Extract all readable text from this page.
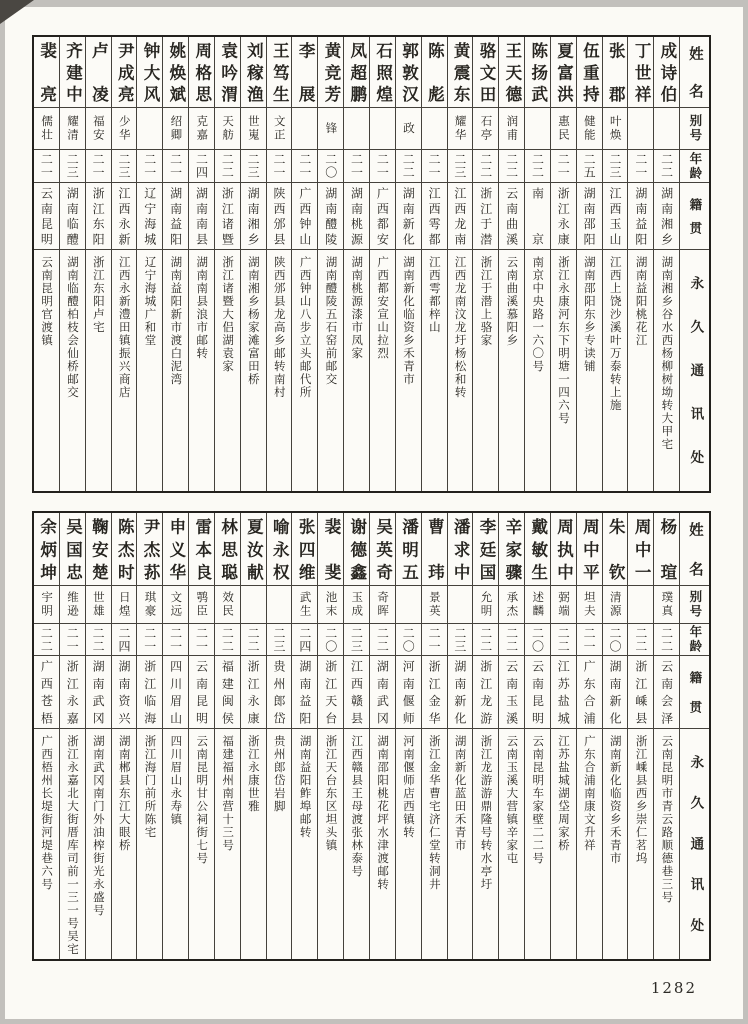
裴亮
儒壮
二一
云南昆明
云南昆明官渡镇
齐建中
耀清
二三
湖南临醴
湖南临醴柏枝会仙桥邮交
卢凌
福安
二一
浙江东阳
浙江东阳卢宅
尹成亮
少华
二三
江西永新
江西永新澧田镇振兴商店
钟大风
二一
辽宁海城
辽宁海城广和堂
姚焕斌
绍卿
二一
湖南益阳
湖南益阳新市渡白泥湾
周格思
克嘉
二四
湖南南县
湖南南县浪市邮转
袁吟渭
天舫
二二
浙江诸暨
浙江诸暨大侣湖袁家
刘稼渔
世嵬
二三
湖南湘乡
湖南湘乡杨家滩富田桥
王笃生
文正
二一
陕西邠县
陕西邠县龙高乡邮转南村
李展
二一
广西钟山
广西钟山八步立头邮代所
黄竞芳
锋
二〇
湖南醴陵
湖南醴陵五石窑前邮交
凤超鹏
二一
湖南桃源
湖南桃源漆市凤家
石照煌
二一
广西都安
广西都安宣山拉烈
郭敦汉
政
二二
湖南新化
湖南新化临资乡禾青市
陈彪
二一
江西雩都
江西雩都梓山
黄震东
耀华
二三
江西龙南
江西龙南汶龙圩杨松和转
骆文田
石亭
二二
浙江于潜
浙江于潜上骆家
王天德
润甫
二二
云南曲溪
云南曲溪慕阳乡
陈扬武
二二
南京
南京中央路一六〇号
夏富洪
惠民
二一
浙江永康
浙江永康河东下明塘一四六号
伍重持
健能
二五
湖南邵阳
湖南邵阳东乡专读铺
张郡
叶焕
二三
江西玉山
江西上饶沙溪叶万泰转上施
丁世祥
二一
湖南益阳
湖南益阳桃花江
成诗伯
二二
湖南湘乡
湖南湘乡谷水西杨柳树坳转大甲宅
姓名
别号
年龄
籍贯
永久通讯处
余炳坤
宇明
二二
广西苍梧
广西梧州长堤街河堤巷六号
吴国忠
维逊
二一
浙江永嘉
浙江永嘉北大街厝库司前一三一号吴宅
鞠安楚
世雄
二二
湖南武冈
湖南武冈南门外油榨街光永盛号
陈杰时
日煌
二四
湖南资兴
湖南郴县东江大眼桥
尹杰荪
琪豪
二一
浙江临海
浙江海门前所陈宅
申义华
文远
二一
四川眉山
四川眉山永寿镇
雷本良
鹗臣
二一
云南昆明
云南昆明甘公祠街七号
林思聪
效民
二二
福建闽侯
福建福州南营十三号
夏汝献
二二
浙江永康
浙江永康世雅
喻永权
二三
贵州郎岱
贵州郎岱岩脚
张四维
武生
二四
湖南益阳
湖南益阳鲊埠邮转
裴斐
池末
二〇
浙江天台
浙江天台东区坦头镇
谢德鑫
玉成
二三
江西赣县
江西赣县王母渡张林泰号
吴英奇
奇晖
二二
湖南武冈
湖南邵阳桃花坪水津渡邮转
潘明五
二〇
河南偃师
河南偃师店西镇转
曹玮
景英
二一
浙江金华
浙江金华曹宅济仁堂转洞井
潘求中
二三
湖南新化
湖南新化蓝田禾青市
李廷国
允明
二二
浙江龙游
浙江龙游游鼎隆号转水亭圩
辛家骤
承杰
二二
云南玉溪
云南玉溪大营镇辛家屯
戴敏生
述麟
二〇
云南昆明
云南昆明车家壁二二号
周执中
弼端
二二
江苏盐城
江苏盐城湖垈周家桥
周中平
坦夫
二一
广东合浦
广东合浦南康文升祥
朱钦
清源
二〇
湖南新化
湖南新化临资乡禾青市
周中一
二二
浙江嵊县
浙江嵊县西乡崇仁茗坞
杨瑄
璞真
二二
云南会泽
云南昆明市青云路顺德巷三号
姓名
别号
年龄
籍贯
永久通讯处
1282
